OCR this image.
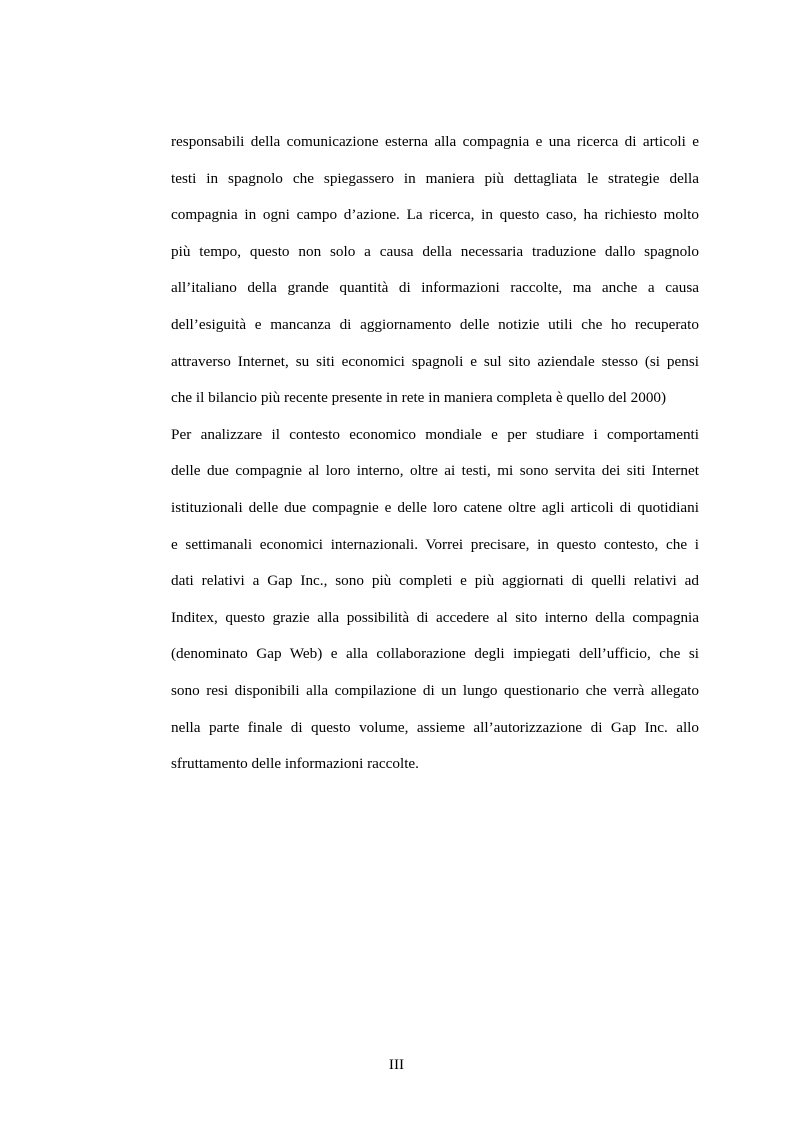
responsabili della comunicazione esterna alla compagnia e una ricerca di articoli e
testi in spagnolo che spiegassero in maniera più dettagliata le strategie della
compagnia in ogni campo d’azione. La ricerca, in questo caso, ha richiesto molto
più tempo, questo non solo a causa della necessaria traduzione dallo spagnolo
all’italiano della grande quantità di informazioni raccolte, ma anche a causa
dell’esiguità e mancanza di aggiornamento delle notizie utili che ho recuperato
attraverso Internet, su siti economici spagnoli e sul sito aziendale stesso (si pensi
che il bilancio più recente presente in rete in maniera completa è quello del 2000)
Per analizzare il contesto economico mondiale e per studiare i comportamenti
delle due compagnie al loro interno, oltre ai testi, mi sono servita dei siti Internet
istituzionali delle due compagnie e delle loro catene oltre agli articoli di quotidiani
e settimanali economici internazionali. Vorrei precisare, in questo contesto, che i
dati relativi a Gap Inc., sono più completi e più aggiornati di quelli relativi ad
Inditex, questo grazie alla possibilità di accedere al sito interno della compagnia
(denominato Gap Web) e alla collaborazione degli impiegati dell’ufficio, che si
sono resi disponibili alla compilazione di un lungo questionario che verrà allegato
nella parte finale di questo volume, assieme all’autorizzazione di Gap Inc. allo
sfruttamento delle informazioni raccolte.
III
